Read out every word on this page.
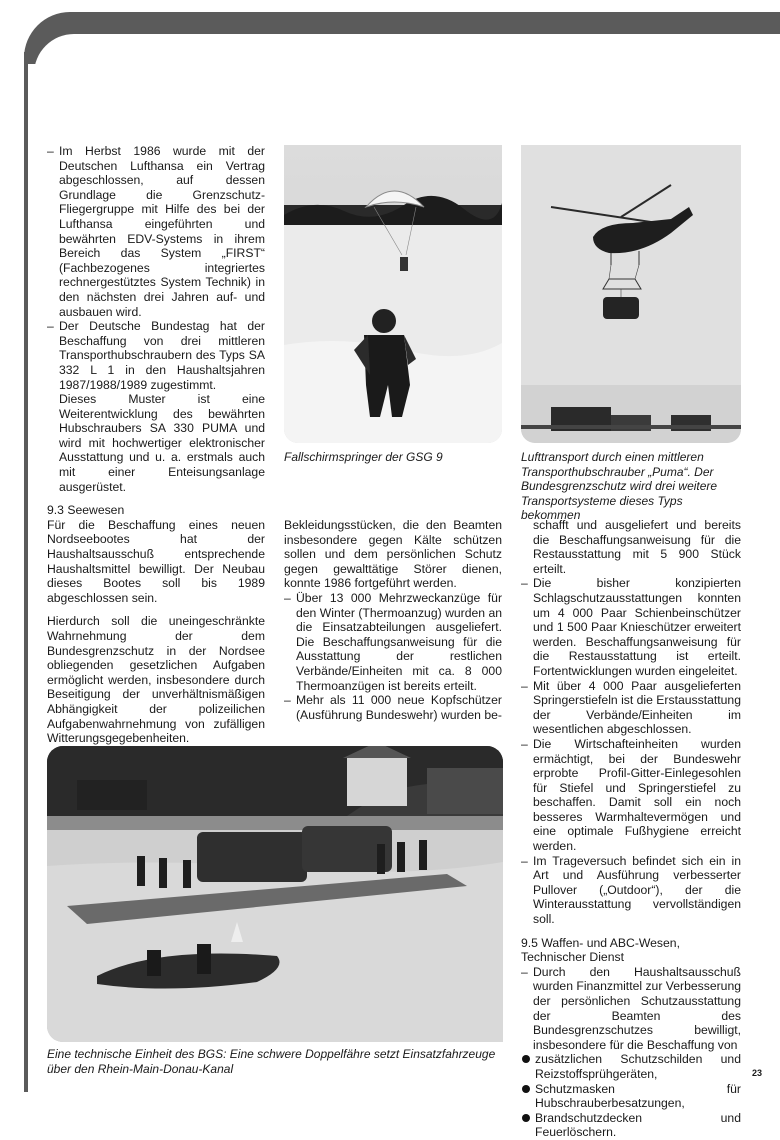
– Im Herbst 1986 wurde mit der Deutschen Lufthansa ein Vertrag abgeschlossen, auf dessen Grundlage die Grenzschutz-Fliegergruppe mit Hilfe des bei der Lufthansa eingeführten und bewährten EDV-Systems in ihrem Bereich das System „FIRST“ (Fachbezogenes integriertes rechnergestütztes System Technik) in den nächsten drei Jahren auf- und ausbauen wird.
– Der Deutsche Bundestag hat der Beschaffung von drei mittleren Transporthubschraubern des Typs SA 332 L 1 in den Haushaltsjahren 1987/1988/1989 zugestimmt.
Dieses Muster ist eine Weiterentwicklung des bewährten Hubschraubers SA 330 PUMA und wird mit hochwertiger elektronischer Ausstattung und u. a. erstmals auch mit einer Enteisungsanlage ausgerüstet.

9.3 Seewesen

Für die Beschaffung eines neuen Nordseebootes hat der Haushaltsausschuß entsprechende Haushaltsmittel bewilligt. Der Neubau dieses Bootes soll bis 1989 abgeschlossen sein.

Hierdurch soll die uneingeschränkte Wahrnehmung der dem Bundesgrenzschutz in der Nordsee obliegenden gesetzlichen Aufgaben ermöglicht werden, insbesondere durch Beseitigung der unverhältnismäßigen Abhängigkeit der polizeilichen Aufgabenwahrnehmung von zufälligen Witterungsgegebenheiten.

Fallschirmspringer der GSG 9	Lufttransport durch einen mittleren Transporthubschrauber „Puma“. Der Bundesgrenzschutz wird drei weitere Transportsysteme dieses Typs bekommen

Bekleidungsstücken, die den Beamten insbesondere gegen Kälte schützen sollen und dem persönlichen Schutz gegen gewalttätige Störer dienen, konnte 1986 fortgeführt werden.

– Über 13 000 Mehrzweckanzüge für den Winter (Thermoanzug) wurden an die Einsatzabteilungen ausgeliefert. Die Beschaffungsanweisung für die Ausstattung der restlichen Verbände/Einheiten mit ca. 8 000 Thermoanzügen ist bereits erteilt.
– Mehr als 11 000 neue Kopfschützer (Ausführung Bundeswehr) wurden be-

schafft und ausgeliefert und bereits die Beschaffungsanweisung für die Restausstattung mit 5 900 Stück erteilt.

– Die bisher konzipierten Schlagschutzausstattungen konnten um 4 000 Paar Schienbeinschützer und 1 500 Paar Knieschützer erweitert werden. Beschaffungsanweisung für die Restausstattung ist erteilt. Fortentwicklungen wurden eingeleitet.
– Mit über 4 000 Paar ausgelieferten Springerstiefeln ist die Erstausstattung der Verbände/Einheiten im wesentlichen abgeschlossen.
– Die Wirtschafteinheiten wurden ermächtigt, bei der Bundeswehr erprobte Profil-Gitter-Einlegesohlen für Stiefel und Springerstiefel zu beschaffen. Damit soll ein noch besseres Warmhaltevermögen und eine optimale Fußhygiene erreicht werden.
– Im Trageversuch befindet sich ein in Art und Ausführung verbesserter Pullover („Outdoor“), der die Winterausstattung vervollständigen soll.

9.5 Waffen- und ABC-Wesen,

Technischer Dienst

– Durch den Haushaltsausschuß wurden Finanzmittel zur Verbesserung der persönlichen Schutzausstattung der Beamten des Bundesgrenzschutzes bewilligt, insbesondere für die Beschaffung von
zusätzlichen Schutzschilden und Reizstoffsprühgeräten,
Schutzmasken für Hubschrauberbesatzungen,
Brandschutzdecken und Feuerlöschern.
Eine technische Einheit des BGS: Eine schwere Doppelfähre setzt Einsatzfahrzeuge über den Rhein-Main-Donau-Kanal	23
